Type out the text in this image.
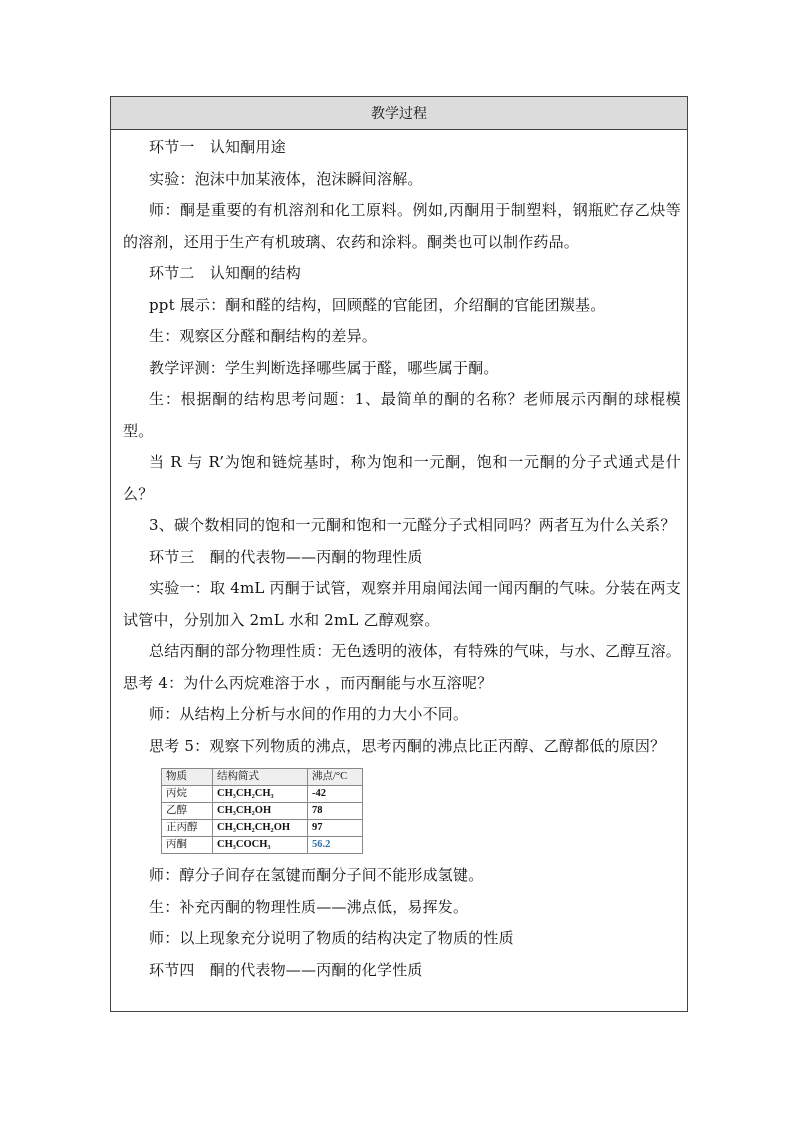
教学过程

环节一　认知酮用途

实验：泡沫中加某液体，泡沫瞬间溶解。

师：酮是重要的有机溶剂和化工原料。例如,丙酮用于制塑料，钢瓶贮存乙炔等的溶剂，还用于生产有机玻璃、农药和涂料。酮类也可以制作药品。

环节二　认知酮的结构

ppt 展示：酮和醛的结构，回顾醛的官能团，介绍酮的官能团羰基。

生：观察区分醛和酮结构的差异。

教学评测：学生判断选择哪些属于醛，哪些属于酮。

生：根据酮的结构思考问题：1、最简单的酮的名称？老师展示丙酮的球棍模型。

当 R 与 R’为饱和链烷基时，称为饱和一元酮，饱和一元酮的分子式通式是什么？

3、碳个数相同的饱和一元酮和饱和一元醛分子式相同吗？两者互为什么关系？

环节三　酮的代表物——丙酮的物理性质

实验一：取 4mL 丙酮于试管，观察并用扇闻法闻一闻丙酮的气味。分装在两支试管中，分别加入 2mL 水和 2mL 乙醇观察。

总结丙酮的部分物理性质：无色透明的液体，有特殊的气味，与水、乙醇互溶。思考 4：为什么丙烷难溶于水 ，而丙酮能与水互溶呢？

师：从结构上分析与水间的作用的力大小不同。

思考 5：观察下列物质的沸点，思考丙酮的沸点比正丙醇、乙醇都低的原因？

物质	结构简式	沸点/°C
丙烷	CH₃CH₂CH₃	-42
乙醇	CH₃CH₂OH	78
正丙醇	CH₃CH₂CH₂OH	97
丙酮	CH₃COCH₃	56.2

师：醇分子间存在氢键而酮分子间不能形成氢键。

生：补充丙酮的物理性质——沸点低，易挥发。

师：以上现象充分说明了物质的结构决定了物质的性质

环节四　酮的代表物——丙酮的化学性质
